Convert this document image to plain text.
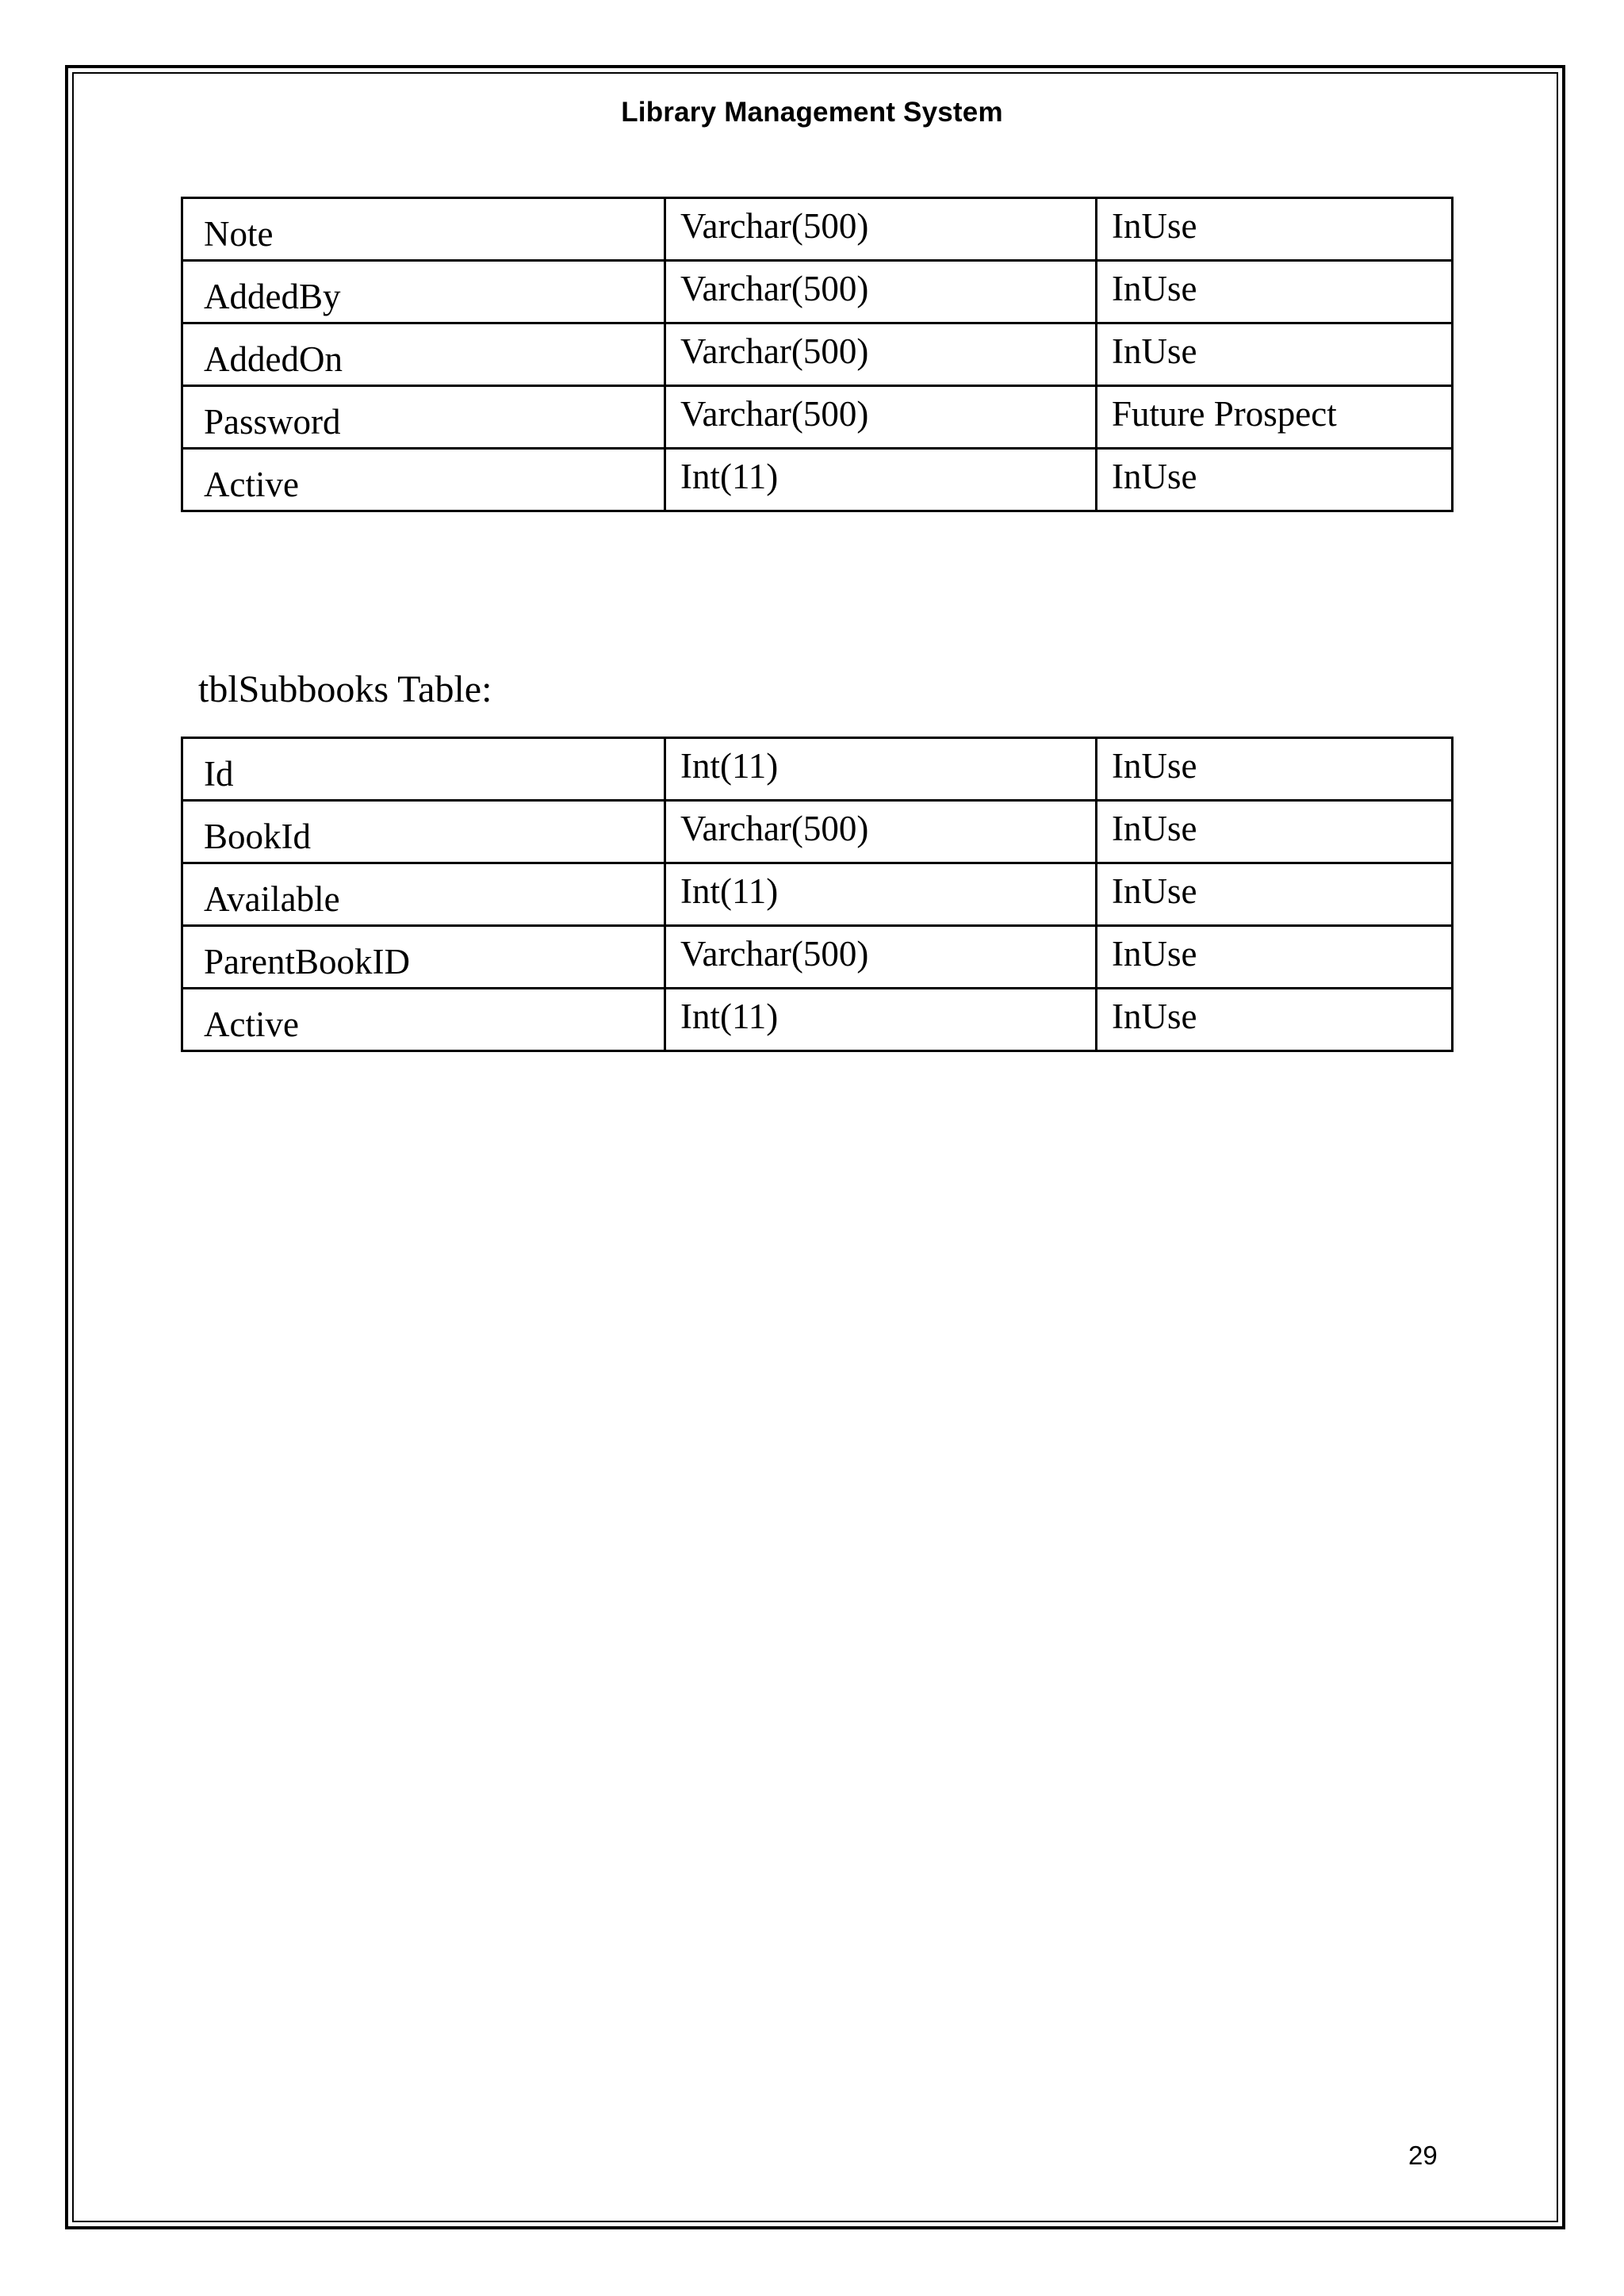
Library Management System
Note	Varchar(500)	InUse
AddedBy	Varchar(500)	InUse
AddedOn	Varchar(500)	InUse
Password	Varchar(500)	Future Prospect
Active	Int(11)	InUse
tblSubbooks Table:
Id	Int(11)	InUse
BookId	Varchar(500)	InUse
Available	Int(11)	InUse
ParentBookID	Varchar(500)	InUse
Active	Int(11)	InUse
29
